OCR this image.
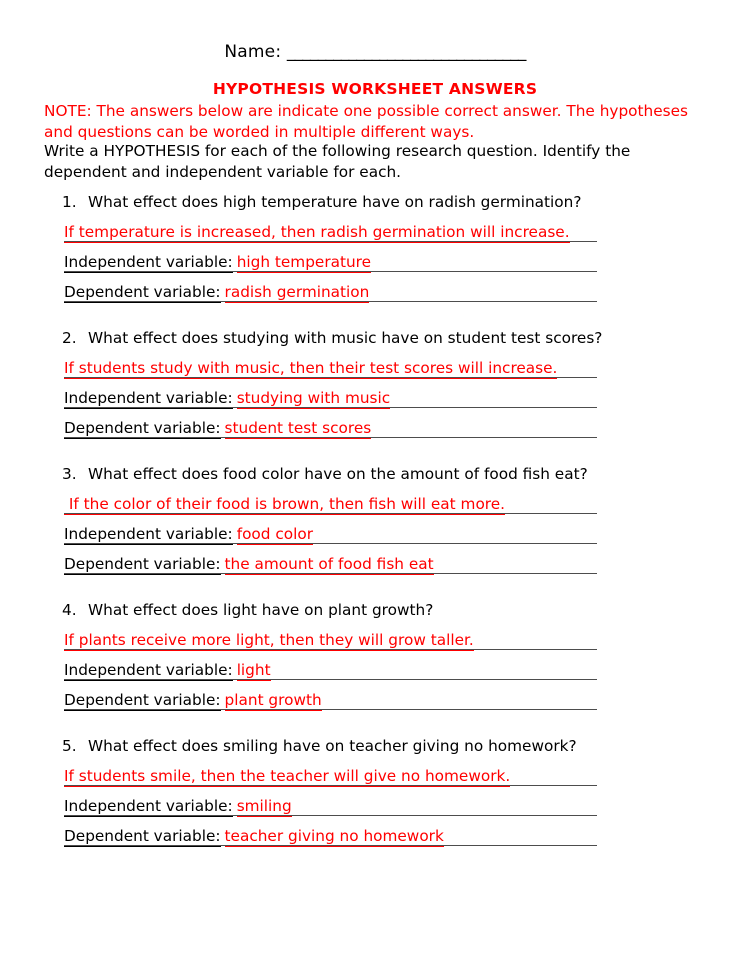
Name: _______________________________
HYPOTHESIS WORKSHEET ANSWERS
NOTE: The answers below are indicate one possible correct answer. The hypotheses and questions can be worded in multiple different ways.
Write a HYPOTHESIS for each of the following research question. Identify the dependent and independent variable for each.
1. What effect does high temperature have on radish germination?
If temperature is increased, then radish germination will increase.
Independent variable: high temperature
Dependent variable: radish germination
2. What effect does studying with music have on student test scores?
If students study with music, then their test scores will increase.
Independent variable: studying with music
Dependent variable: student test scores
3. What effect does food color have on the amount of food fish eat?
If the color of their food is brown, then fish will eat more.
Independent variable: food color
Dependent variable: the amount of food fish eat
4. What effect does light have on plant growth?
If plants receive more light, then they will grow taller.
Independent variable: light
Dependent variable: plant growth
5. What effect does smiling have on teacher giving no homework?
If students smile, then the teacher will give no homework.
Independent variable: smiling
Dependent variable: teacher giving no homework
